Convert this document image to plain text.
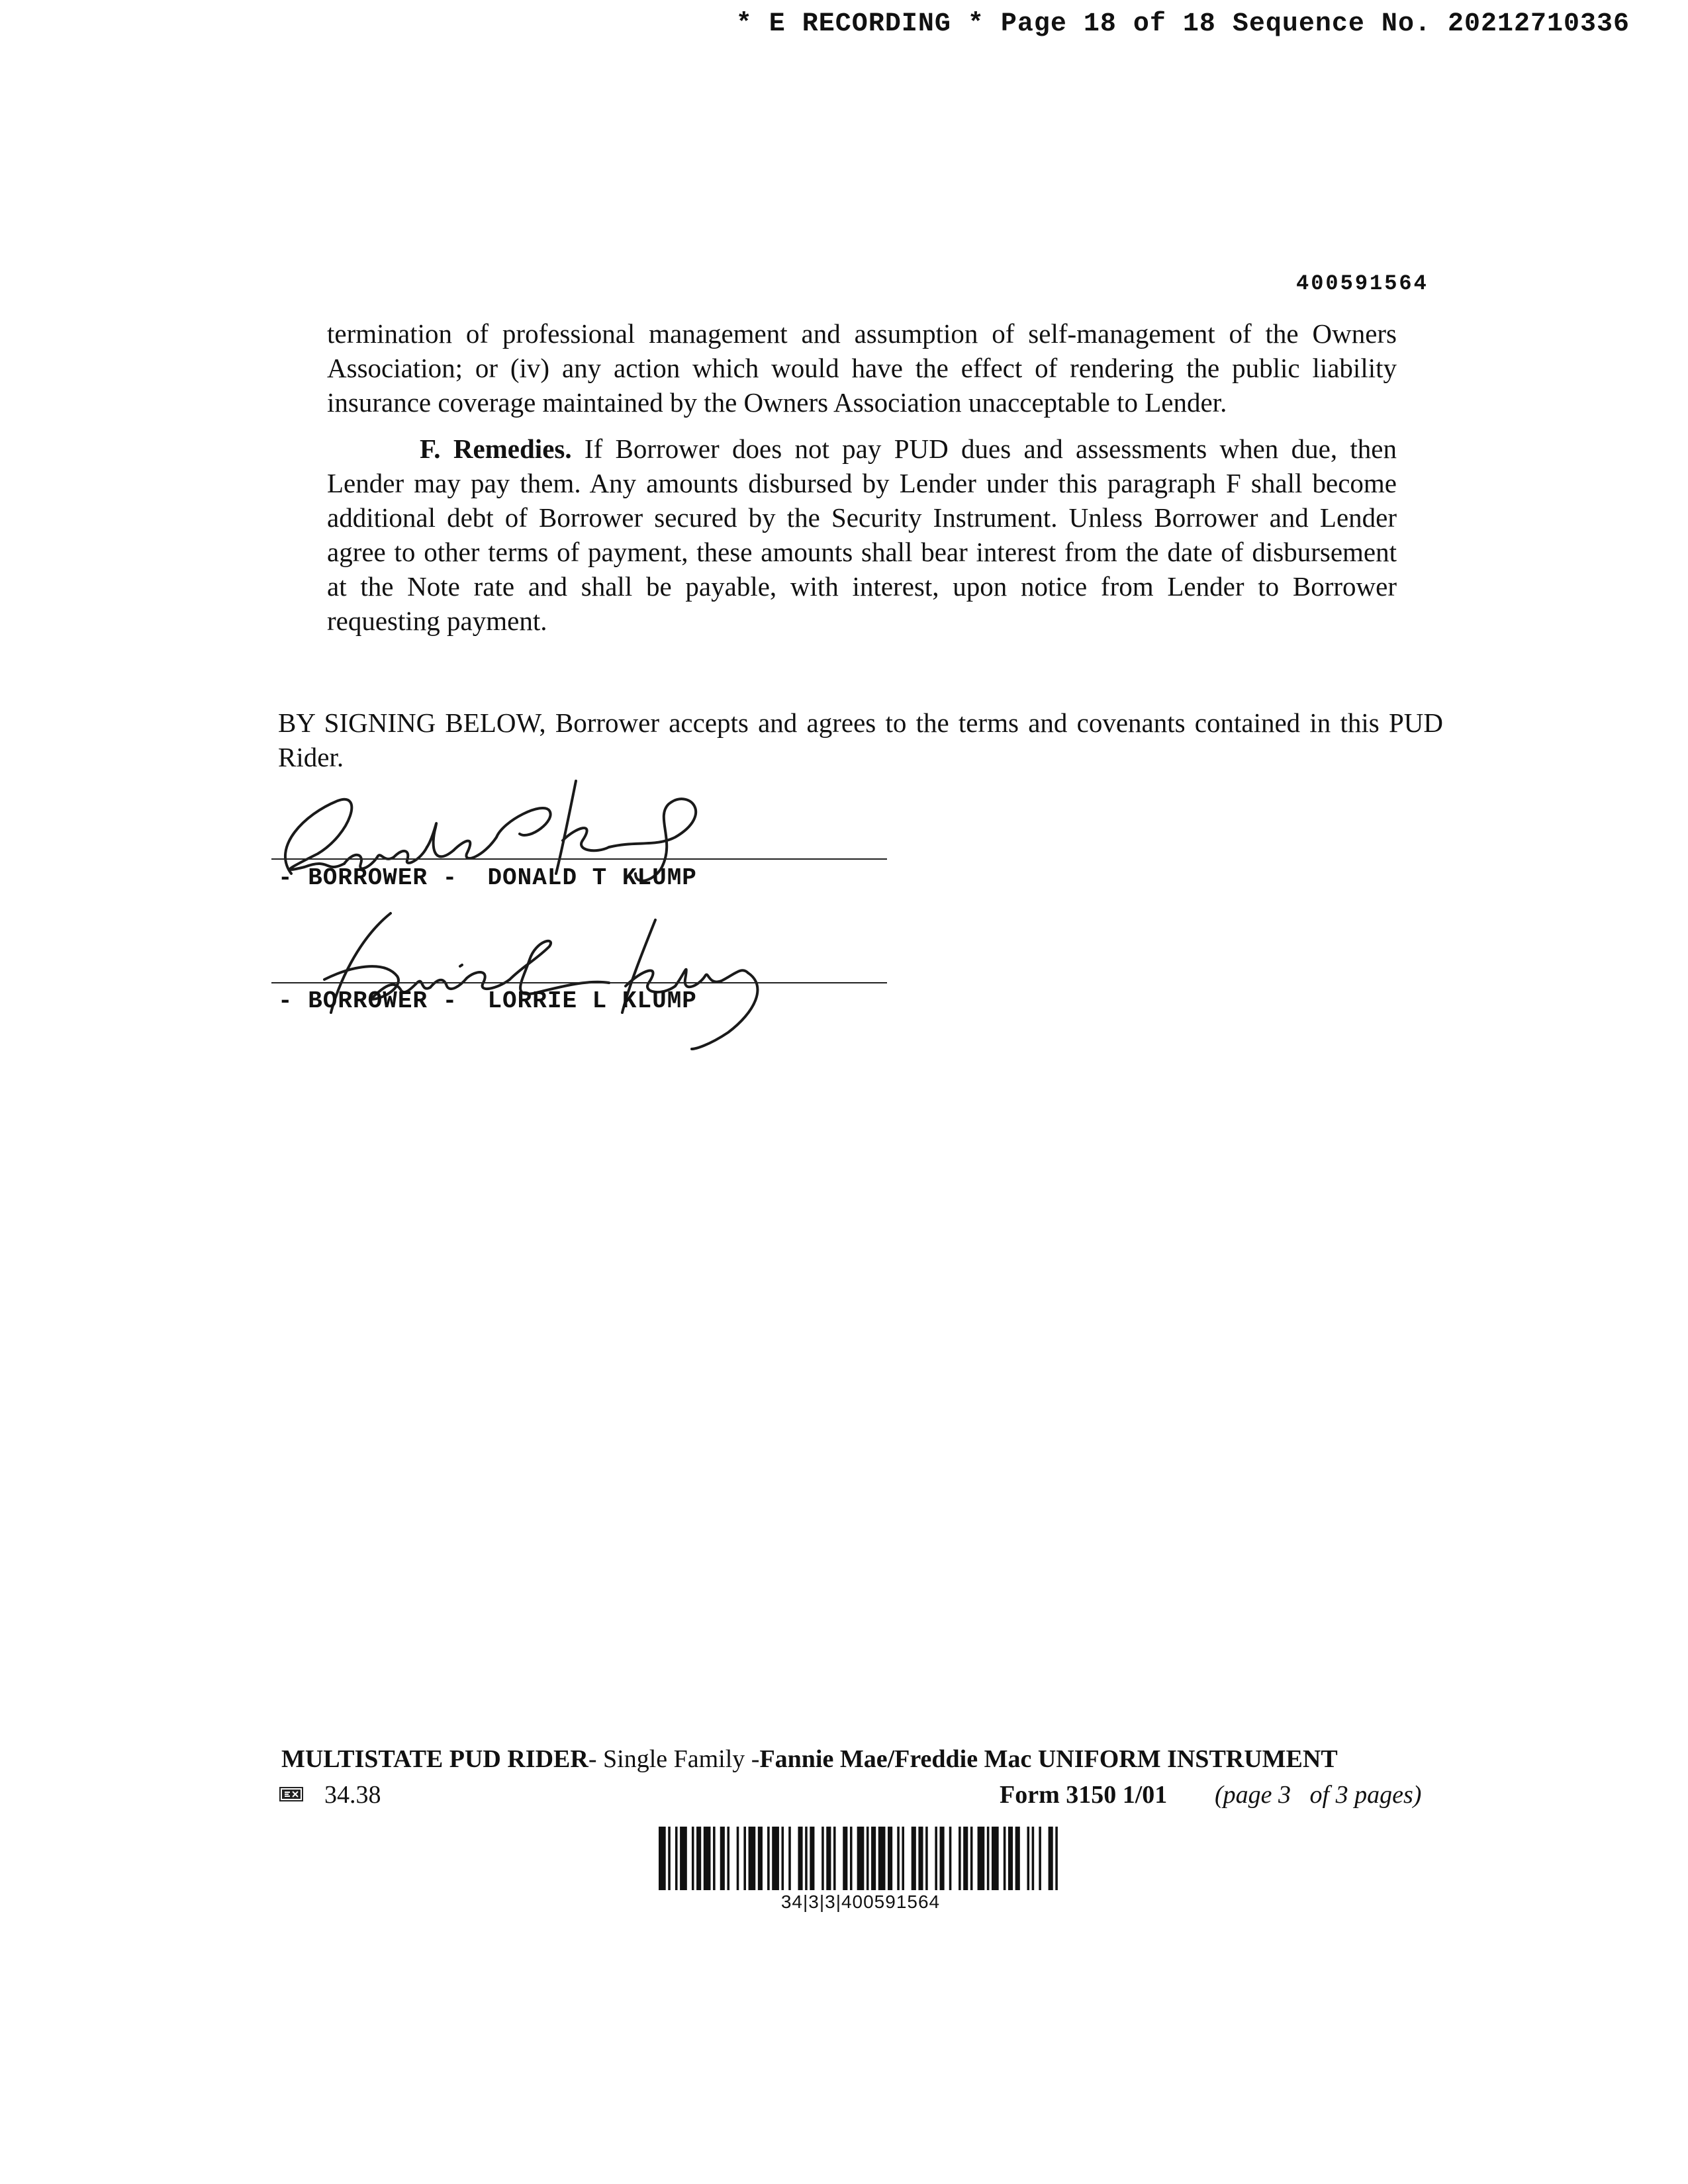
* E RECORDING * Page 18 of 18 Sequence No. 20212710336
400591564
termination of professional management and assumption of self-management of the Owners Association; or (iv) any action which would have the effect of rendering the public liability insurance coverage maintained by the Owners Association unacceptable to Lender.
F. Remedies. If Borrower does not pay PUD dues and assessments when due, then Lender may pay them. Any amounts disbursed by Lender under this paragraph F shall become additional debt of Borrower secured by the Security Instrument. Unless Borrower and Lender agree to other terms of payment, these amounts shall bear interest from the date of disbursement at the Note rate and shall be payable, with interest, upon notice from Lender to Borrower requesting payment.
BY SIGNING BELOW, Borrower accepts and agrees to the terms and covenants contained in this PUD Rider.
- BORROWER -  DONALD T KLUMP
- BORROWER -  LORRIE L KLUMP
MULTISTATE PUD RIDER- Single Family -Fannie Mae/Freddie Mac UNIFORM INSTRUMENT
34.38	Form 3150 1/01 (page 3   of 3 pages)
34|3|3|400591564
